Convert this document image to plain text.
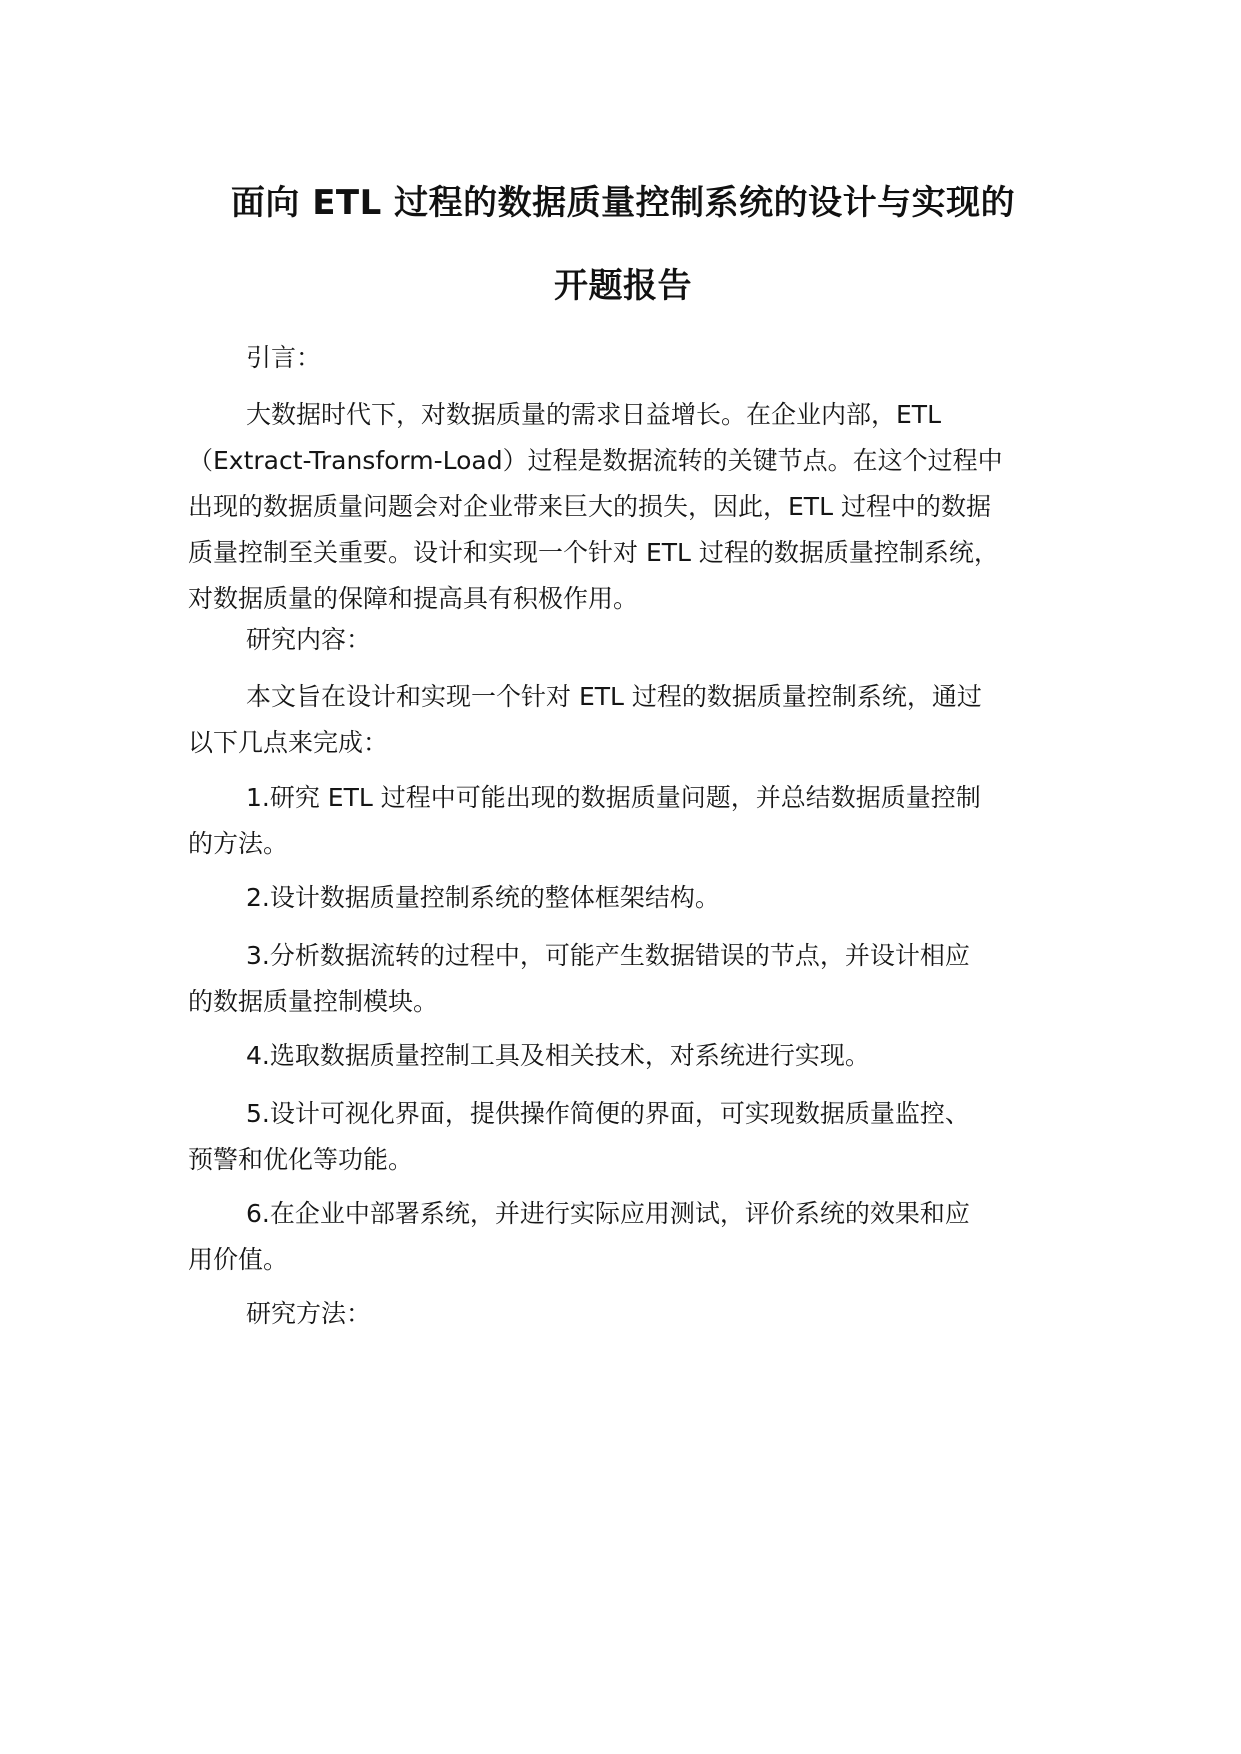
面向 ETL 过程的数据质量控制系统的设计与实现的
开题报告
引言：
大数据时代下，对数据质量的需求日益增长。在企业内部，ETL
（Extract-Transform-Load）过程是数据流转的关键节点。在这个过程中
出现的数据质量问题会对企业带来巨大的损失，因此，ETL 过程中的数据
质量控制至关重要。设计和实现一个针对 ETL 过程的数据质量控制系统，
对数据质量的保障和提高具有积极作用。
研究内容：
本文旨在设计和实现一个针对 ETL 过程的数据质量控制系统，通过
以下几点来完成：
1.研究 ETL 过程中可能出现的数据质量问题，并总结数据质量控制
的方法。
2.设计数据质量控制系统的整体框架结构。
3.分析数据流转的过程中，可能产生数据错误的节点，并设计相应
的数据质量控制模块。
4.选取数据质量控制工具及相关技术，对系统进行实现。
5.设计可视化界面，提供操作简便的界面，可实现数据质量监控、
预警和优化等功能。
6.在企业中部署系统，并进行实际应用测试，评价系统的效果和应
用价值。
研究方法：
